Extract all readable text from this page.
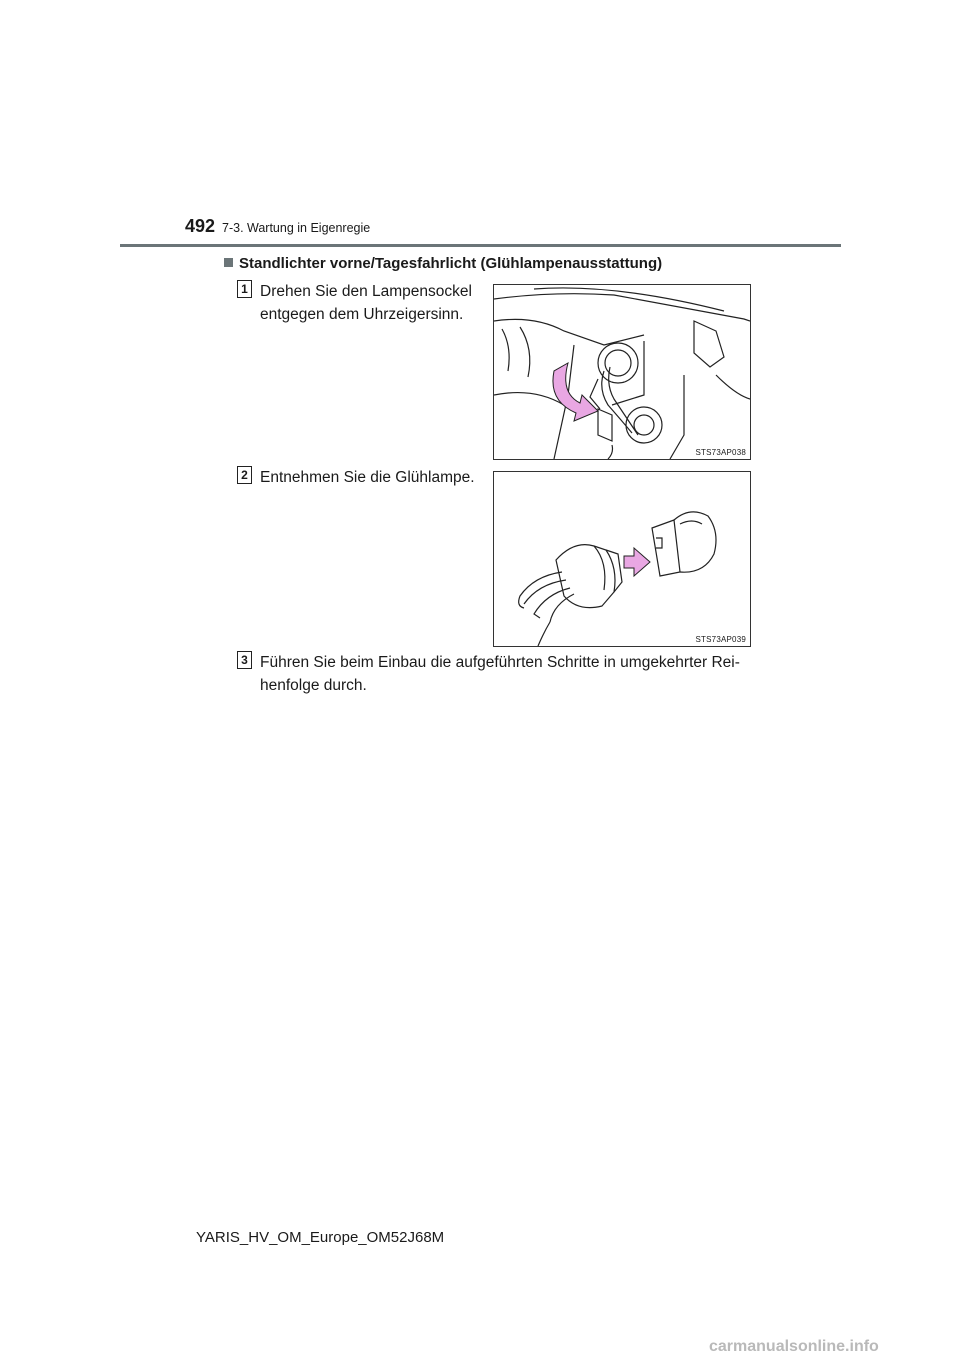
492 7-3. Wartung in Eigenregie
Standlichter vorne/Tagesfahrlicht (Glühlampenausstattung)
1 Drehen Sie den Lampensockel
entgegen dem Uhrzeigersinn.
STS73AP038
2 Entnehmen Sie die Glühlampe.
STS73AP039
3 Führen Sie beim Einbau die aufgeführten Schritte in umgekehrter Rei-
henfolge durch.
YARIS_HV_OM_Europe_OM52J68M
carmanualsonline.info
